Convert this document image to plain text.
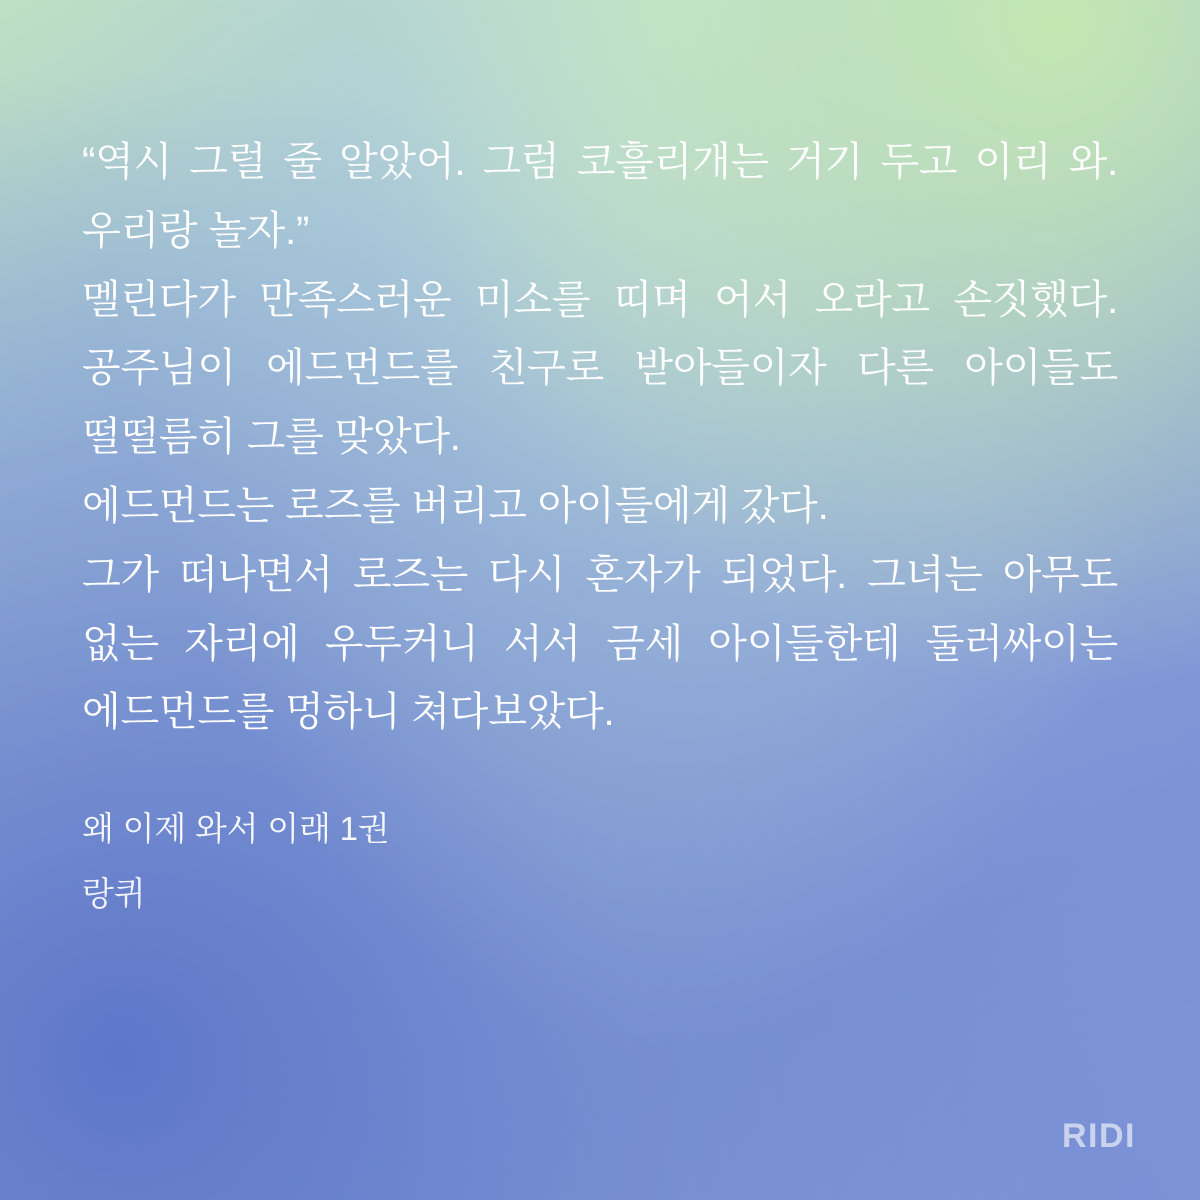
“역시 그럴 줄 알았어. 그럼 코흘리개는 거기 두고 이리 와. 우리랑 놀자.”

멜린다가 만족스러운 미소를 띠며 어서 오라고 손짓했다. 공주님이 에드먼드를 친구로 받아들이자 다른 아이들도 떨떨름히 그를 맞았다.

에드먼드는 로즈를 버리고 아이들에게 갔다.

그가 떠나면서 로즈는 다시 혼자가 되었다. 그녀는 아무도 없는 자리에 우두커니 서서 금세 아이들한테 둘러싸이는 에드먼드를 멍하니 쳐다보았다.

왜 이제 와서 이래 1권
랑퀴
RIDI
